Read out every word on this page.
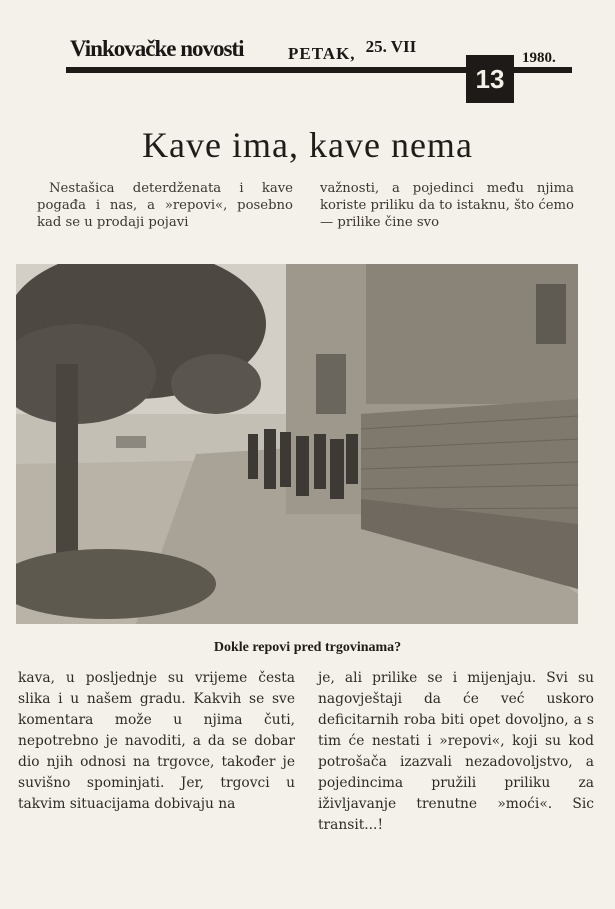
Vinkovačke novosti	PETAK, 25. VII
13
1980.
Kave ima, kave nema

Nestašica deterdženata i kave pogađa i nas, a »repovi«, posebno kad se u prodaji pojavi

važnosti, a pojedinci među njima koriste priliku da to istaknu, što ćemo — prilike čine svo

Dokle repovi pred trgovinama?

kava, u posljednje su vrijeme česta slika i u našem gradu. Kakvih se sve komentara može u njima čuti, nepotrebno je navoditi, a da se dobar dio njih odnosi na trgovce, također je suvišno spominjati. Jer, trgovci u takvim situacijama dobivaju na

je, ali prilike se i mijenjaju. Svi su nagovještaji da će već uskoro deficitarnih roba biti opet dovoljno, a s tim će nestati i »repovi«, koji su kod potrošača izazvali nezadovoljstvo, a pojedincima pružili priliku za iživljavanje trenutne »moći«. Sic transit...!
